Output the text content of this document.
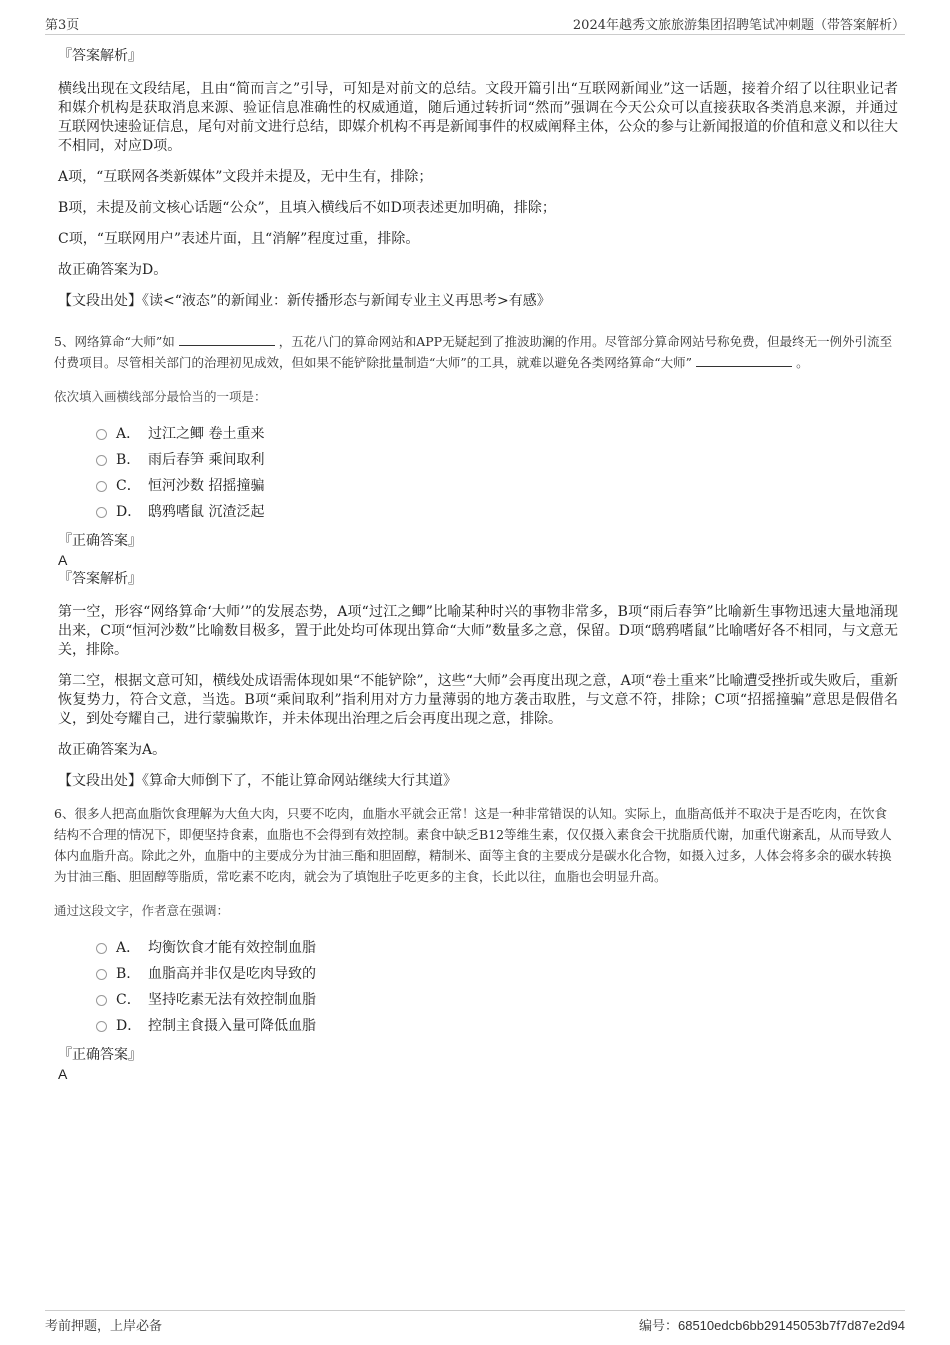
第3页	2024年越秀文旅旅游集团招聘笔试冲刺题（带答案解析）
『答案解析』
横线出现在文段结尾，且由“简而言之”引导，可知是对前文的总结。文段开篇引出“互联网新闻业”这一话题，接着介绍了以往职业记者和媒介机构是获取消息来源、验证信息准确性的权威通道，随后通过转折词“然而”强调在今天公众可以直接获取各类消息来源，并通过互联网快速验证信息，尾句对前文进行总结，即媒介机构不再是新闻事件的权威阐释主体，公众的参与让新闻报道的价值和意义和以往大不相同，对应D项。
A项，“互联网各类新媒体”文段并未提及，无中生有，排除；
B项，未提及前文核心话题“公众”，且填入横线后不如D项表述更加明确，排除；
C项，“互联网用户”表述片面，且“消解”程度过重，排除。
故正确答案为D。
【文段出处】《读<“液态”的新闻业：新传播形态与新闻专业主义再思考>有感》
5、网络算命“大师”如	，五花八门的算命网站和APP无疑起到了推波助澜的作用。尽管部分算命网站号称免费，但最终无一例外引流至付费项目。尽管相关部门的治理初见成效，但如果不能铲除批量制造“大师”的工具，就难以避免各类网络算命“大师”	。
依次填入画横线部分最恰当的一项是：
A． 过江之鲫 卷土重来
B. 雨后春笋 乘间取利
C． 恒河沙数 招摇撞骗
D． 鸱鸦嗜鼠 沉渣泛起
『正确答案』
A
『答案解析』
第一空，形容“网络算命‘大师’”的发展态势，A项“过江之鲫”比喻某种时兴的事物非常多，B项“雨后春笋”比喻新生事物迅速大量地涌现出来，C项“恒河沙数”比喻数目极多，置于此处均可体现出算命“大师”数量多之意，保留。D项“鸱鸦嗜鼠”比喻嗜好各不相同，与文意无关，排除。
第二空，根据文意可知，横线处成语需体现如果“不能铲除”，这些“大师”会再度出现之意，A项“卷土重来”比喻遭受挫折或失败后，重新恢复势力，符合文意，当选。B项“乘间取利”指利用对方力量薄弱的地方袭击取胜，与文意不符，排除；C项“招摇撞骗”意思是假借名义，到处夸耀自己，进行蒙骗欺诈，并未体现出治理之后会再度出现之意，排除。
故正确答案为A。
【文段出处】《算命大师倒下了，不能让算命网站继续大行其道》
6、很多人把高血脂饮食理解为大鱼大肉，只要不吃肉，血脂水平就会正常！这是一种非常错误的认知。实际上，血脂高低并不取决于是否吃肉，在饮食结构不合理的情况下，即便坚持食素，血脂也不会得到有效控制。素食中缺乏B12等维生素，仅仅摄入素食会干扰脂质代谢，加重代谢紊乱，从而导致人体内血脂升高。除此之外，血脂中的主要成分为甘油三酯和胆固醇，精制米、面等主食的主要成分是碳水化合物，如摄入过多，人体会将多余的碳水转换为甘油三酯、胆固醇等脂质，常吃素不吃肉，就会为了填饱肚子吃更多的主食，长此以往，血脂也会明显升高。
通过这段文字，作者意在强调：
A． 均衡饮食才能有效控制血脂
B. 血脂高并非仅是吃肉导致的
C． 坚持吃素无法有效控制血脂
D． 控制主食摄入量可降低血脂
『正确答案』
A
考前押题，上岸必备	编号：68510edcb6bb29145053b7f7d87e2d94
